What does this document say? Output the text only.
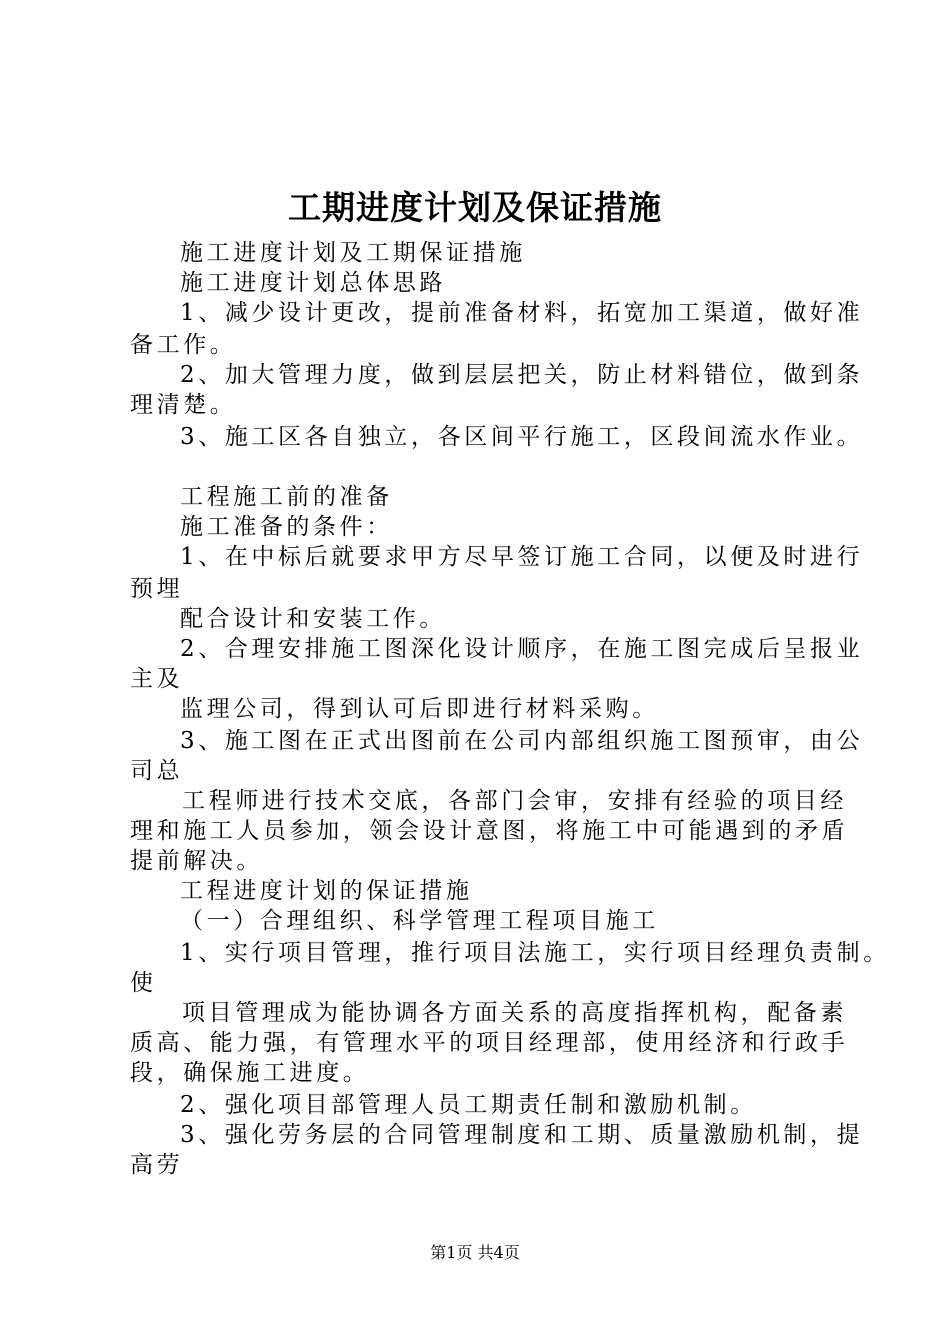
工期进度计划及保证措施
施工进度计划及工期保证措施
施工进度计划总体思路
1、减少设计更改，提前准备材料，拓宽加工渠道，做好准
备工作。
2、加大管理力度，做到层层把关，防止材料错位，做到条
理清楚。
3、施工区各自独立，各区间平行施工，区段间流水作业。
工程施工前的准备
施工准备的条件：
1、在中标后就要求甲方尽早签订施工合同，以便及时进行
预埋
配合设计和安装工作。
2、合理安排施工图深化设计顺序，在施工图完成后呈报业
主及
监理公司，得到认可后即进行材料采购。
3、施工图在正式出图前在公司内部组织施工图预审，由公
司总
工程师进行技术交底，各部门会审，安排有经验的项目经
理和施工人员参加，领会设计意图，将施工中可能遇到的矛盾
提前解决。
工程进度计划的保证措施
（一）合理组织、科学管理工程项目施工
1、实行项目管理，推行项目法施工，实行项目经理负责制。
使
项目管理成为能协调各方面关系的高度指挥机构，配备素
质高、能力强，有管理水平的项目经理部，使用经济和行政手
段，确保施工进度。
2、强化项目部管理人员工期责任制和激励机制。
3、强化劳务层的合同管理制度和工期、质量激励机制，提
高劳
第1页 共4页
